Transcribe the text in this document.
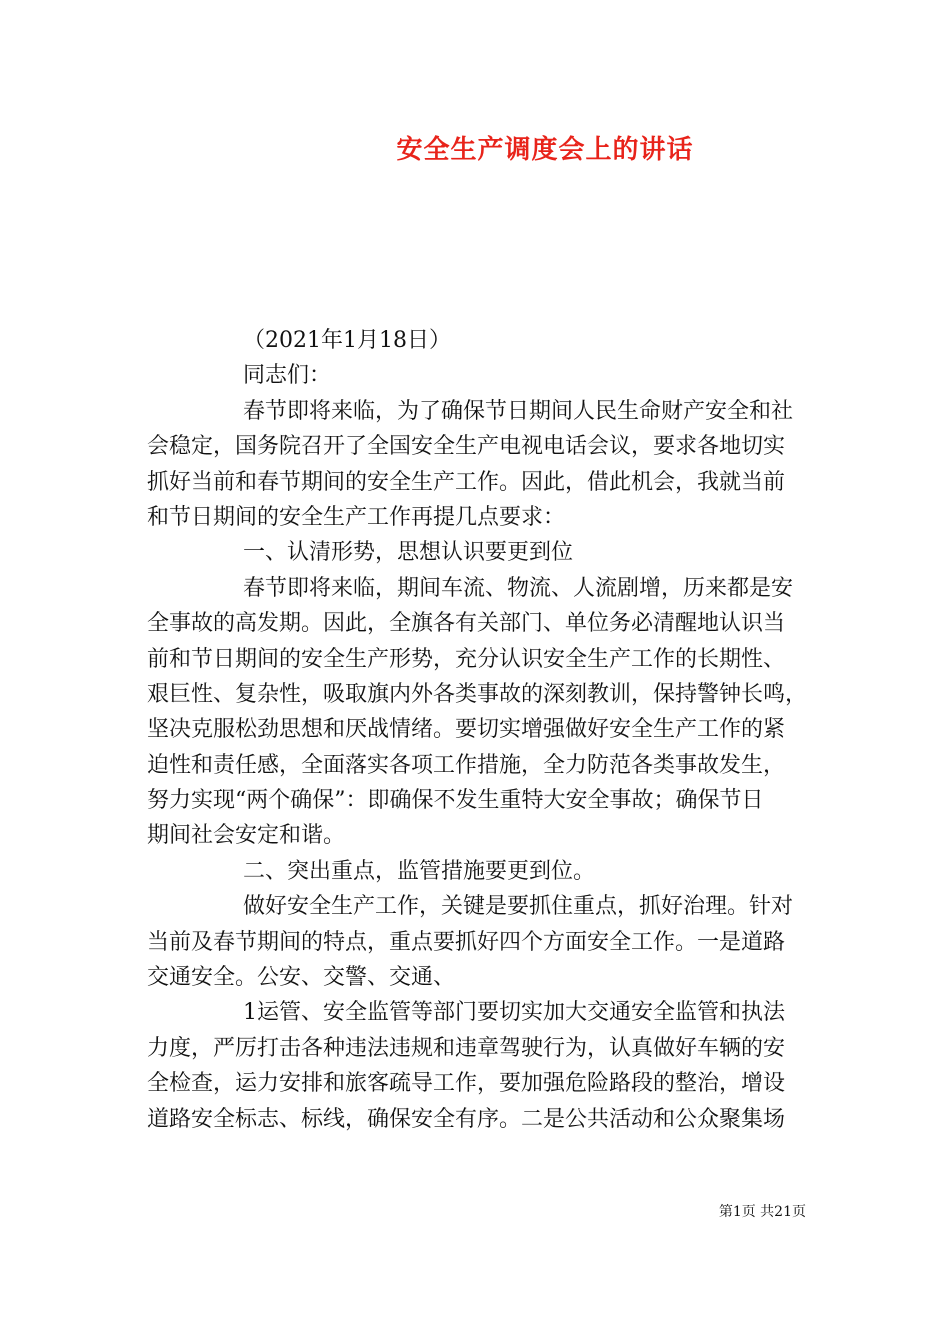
安全生产调度会上的讲话
（2021年1月18日）
同志们：
春节即将来临，为了确保节日期间人民生命财产安全和社
会稳定，国务院召开了全国安全生产电视电话会议，要求各地切实
抓好当前和春节期间的安全生产工作。因此，借此机会，我就当前
和节日期间的安全生产工作再提几点要求：
一、认清形势，思想认识要更到位
春节即将来临，期间车流、物流、人流剧增，历来都是安
全事故的高发期。因此，全旗各有关部门、单位务必清醒地认识当
前和节日期间的安全生产形势，充分认识安全生产工作的长期性、
艰巨性、复杂性，吸取旗内外各类事故的深刻教训，保持警钟长鸣，
坚决克服松劲思想和厌战情绪。要切实增强做好安全生产工作的紧
迫性和责任感，全面落实各项工作措施，全力防范各类事故发生，
努力实现“两个确保”：即确保不发生重特大安全事故；确保节日
期间社会安定和谐。
二、突出重点，监管措施要更到位。
做好安全生产工作，关键是要抓住重点，抓好治理。针对
当前及春节期间的特点，重点要抓好四个方面安全工作。一是道路
交通安全。公安、交警、交通、
1运管、安全监管等部门要切实加大交通安全监管和执法
力度，严厉打击各种违法违规和违章驾驶行为，认真做好车辆的安
全检查，运力安排和旅客疏导工作，要加强危险路段的整治，增设
道路安全标志、标线，确保安全有序。二是公共活动和公众聚集场
第1页 共21页
